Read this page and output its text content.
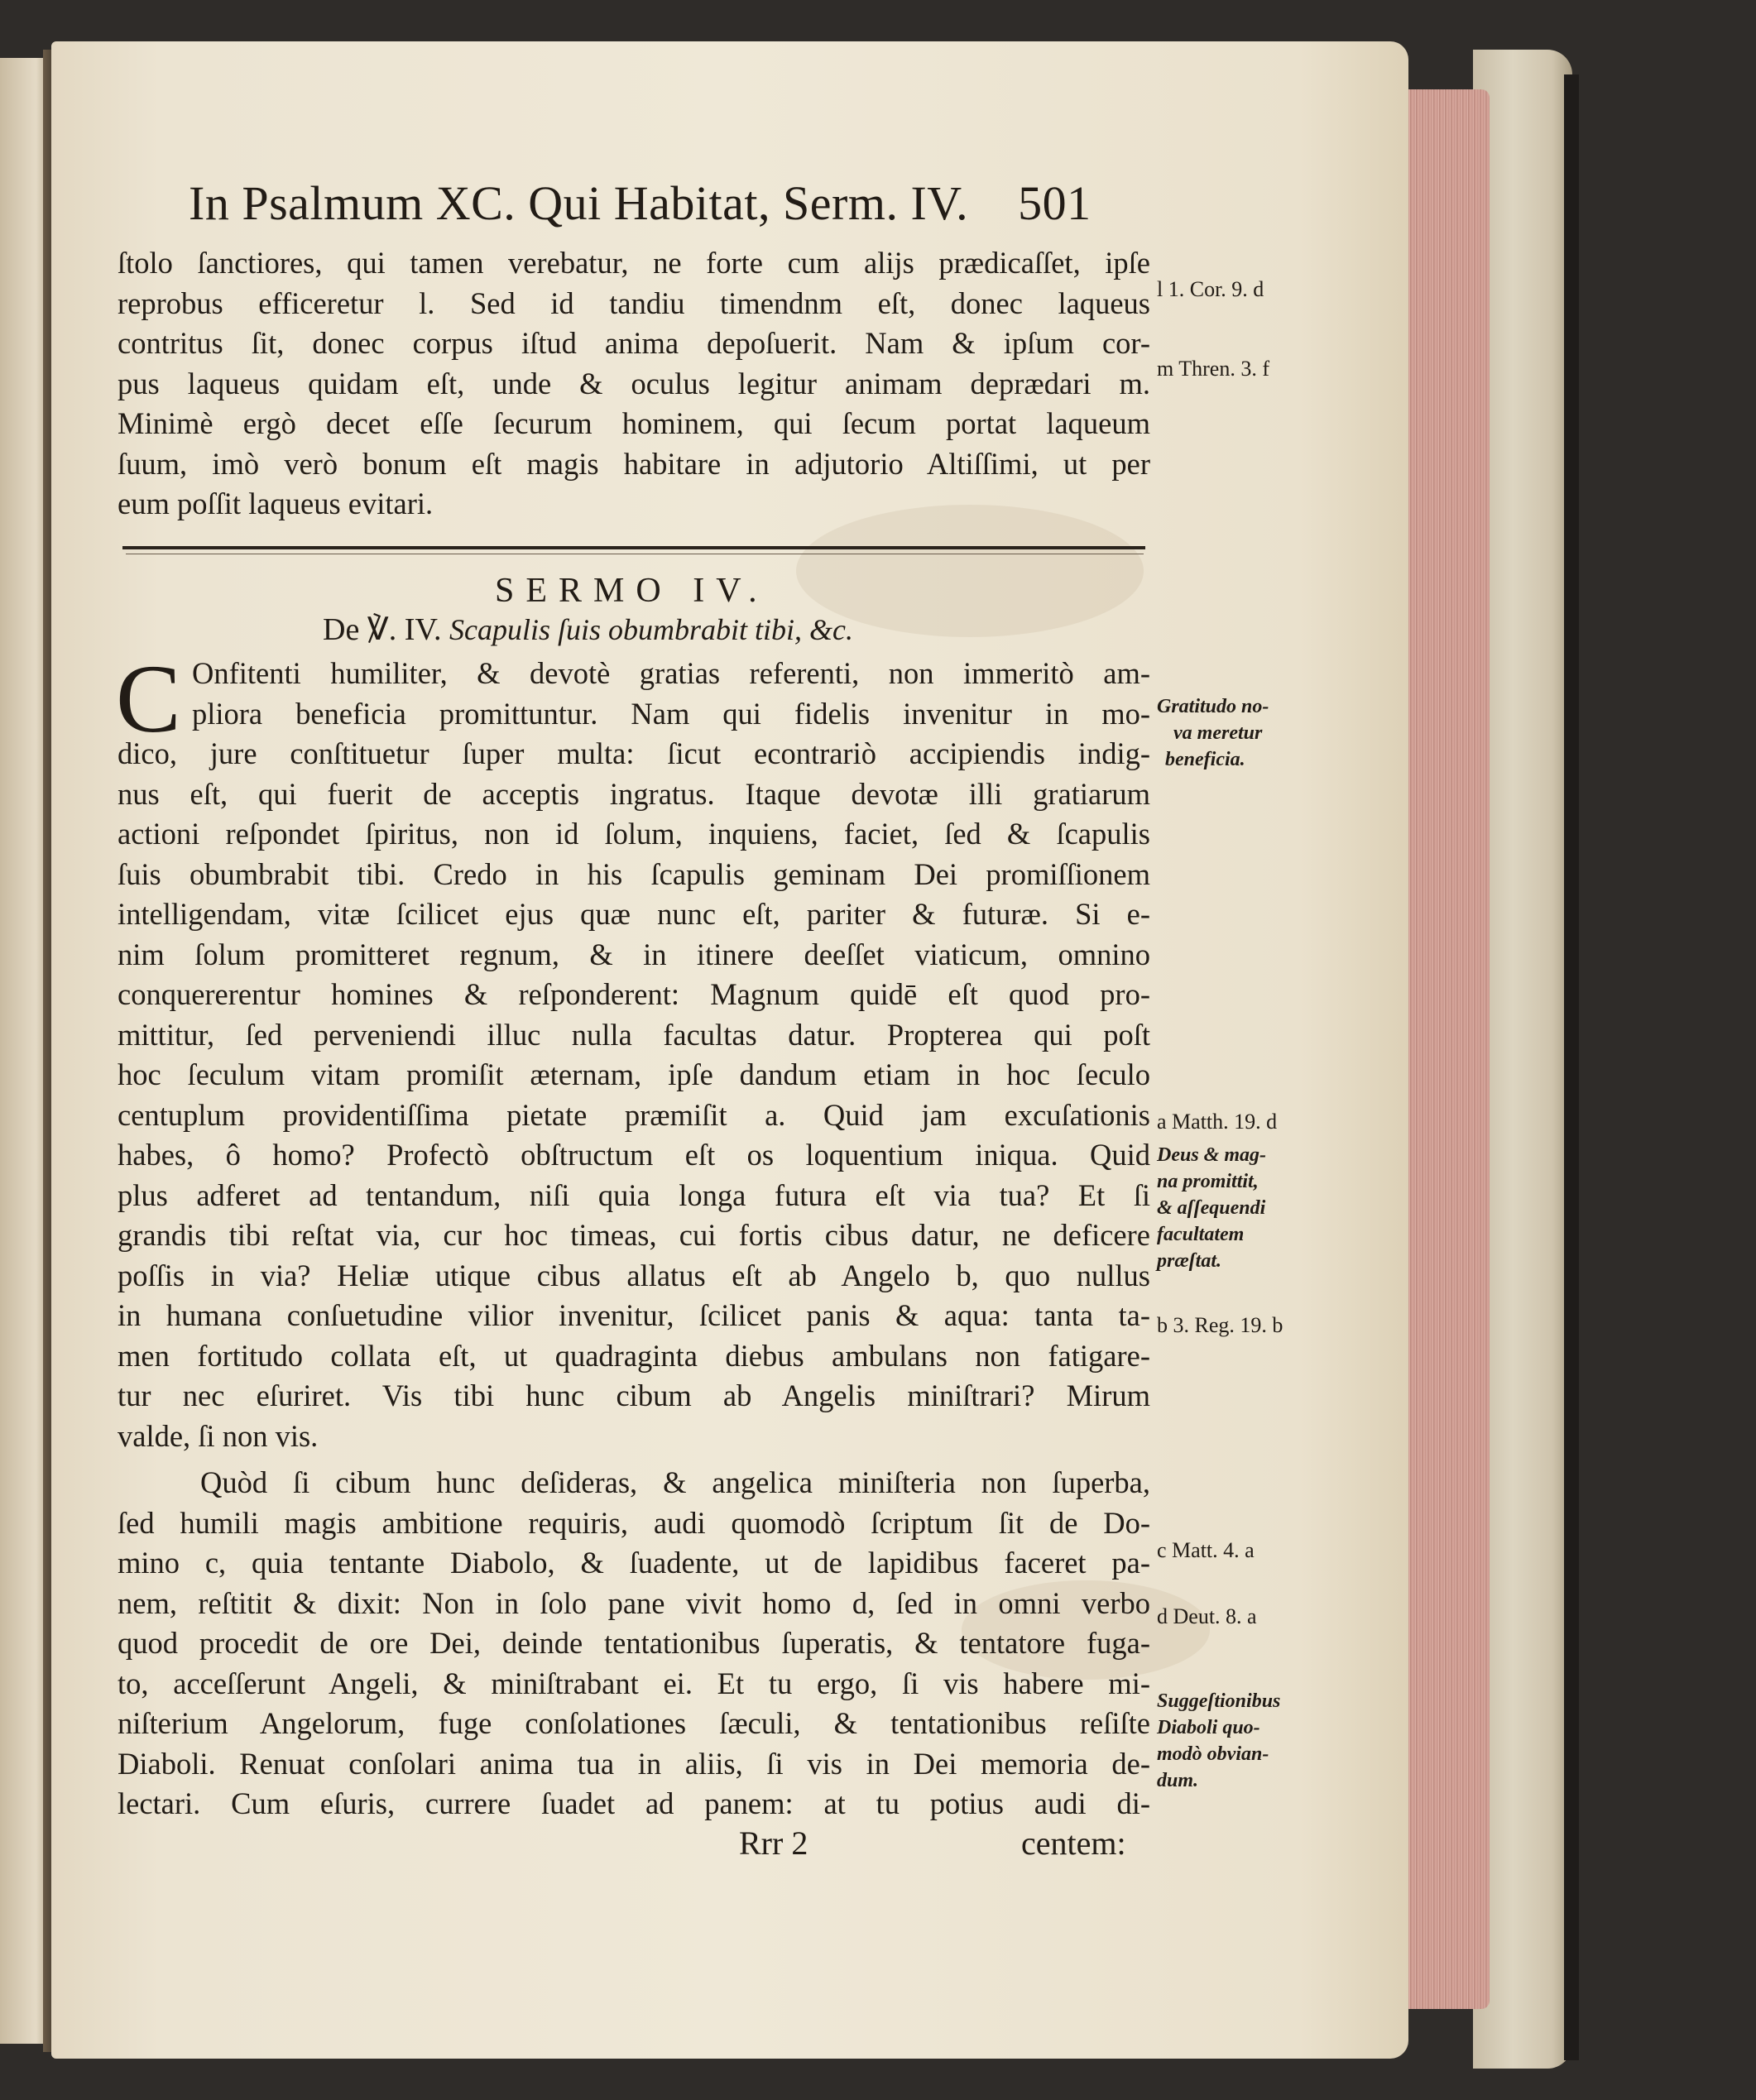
In Psalmum XC. Qui Habitat, Serm. IV. 501
ſtolo ſanctiores, qui tamen verebatur, ne forte cum alijs prædicaſſet, ipſe
reprobus efficeretur l. Sed id tandiu timendnm eſt, donec laqueus
contritus ſit, donec corpus iſtud anima depoſuerit. Nam & ipſum cor-
pus laqueus quidam eſt, unde & oculus legitur animam deprædari m.
Minimè ergò decet eſſe ſecurum hominem, qui ſecum portat laqueum
ſuum, imò verò bonum eſt magis habitare in adjutorio Altiſſimi, ut per
eum poſſit laqueus evitari.
SERMO IV.
De ℣. IV. Scapulis ſuis obumbrabit tibi, &c.
C Onfitenti humiliter, & devotè gratias referenti, non immeritò am-
pliora beneficia promittuntur. Nam qui fidelis invenitur in mo-
dico, jure conſtituetur ſuper multa: ſicut econtrariò accipiendis indig-
nus eſt, qui fuerit de acceptis ingratus. Itaque devotæ illi gratiarum
actioni reſpondet ſpiritus, non id ſolum, inquiens, faciet, ſed & ſcapulis
ſuis obumbrabit tibi. Credo in his ſcapulis geminam Dei promiſſionem
intelligendam, vitæ ſcilicet ejus quæ nunc eſt, pariter & futuræ. Si e-
nim ſolum promitteret regnum, & in itinere deeſſet viaticum, omnino
conquererentur homines & reſponderent: Magnum quidē eſt quod pro-
mittitur, ſed perveniendi illuc nulla facultas datur. Propterea qui poſt
hoc ſeculum vitam promiſit æternam, ipſe dandum etiam in hoc ſeculo
centuplum providentiſſima pietate præmiſit a. Quid jam excuſationis
habes, ô homo? Profectò obſtructum eſt os loquentium iniqua. Quid
plus adferet ad tentandum, niſi quia longa futura eſt via tua? Et ſi
grandis tibi reſtat via, cur hoc timeas, cui fortis cibus datur, ne deficere
poſſis in via? Heliæ utique cibus allatus eſt ab Angelo b, quo nullus
in humana conſuetudine vilior invenitur, ſcilicet panis & aqua: tanta ta-
men fortitudo collata eſt, ut quadraginta diebus ambulans non fatigare-
tur nec eſuriret. Vis tibi hunc cibum ab Angelis miniſtrari? Mirum
valde, ſi non vis.
Quòd ſi cibum hunc deſideras, & angelica miniſteria non ſuperba,
ſed humili magis ambitione requiris, audi quomodò ſcriptum ſit de Do-
mino c, quia tentante Diabolo, & ſuadente, ut de lapidibus faceret pa-
nem, reſtitit & dixit: Non in ſolo pane vivit homo d, ſed in omni verbo
quod procedit de ore Dei, deinde tentationibus ſuperatis, & tentatore fuga-
to, acceſſerunt Angeli, & miniſtrabant ei. Et tu ergo, ſi vis habere mi-
niſterium Angelorum, fuge conſolationes ſæculi, & tentationibus reſiſte
Diaboli. Renuat conſolari anima tua in aliis, ſi vis in Dei memoria de-
lectari. Cum eſuris, currere ſuadet ad panem: at tu potius audi di-
Rrr 2	centem:
l 1. Cor. 9. d
m Thren. 3. f
Gratitudo no-
va meretur
beneficia.
a Matth. 19. d
Deus & mag-
na promittit,
& aſſequendi
facultatem
præſtat.
b 3. Reg. 19. b
c Matt. 4. a
d Deut. 8. a
Suggeſtionibus
Diaboli quo-
modò obvian-
dum.
